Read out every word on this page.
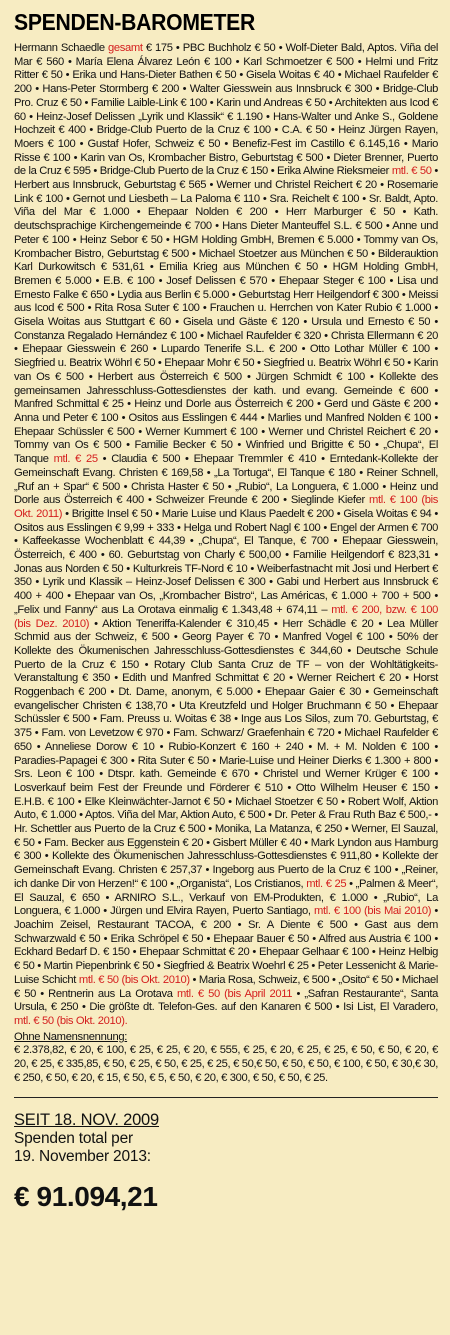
SPENDEN-BAROMETER

Hermann Schaedle gesamt € 175 • PBC Buchholz € 50 • Wolf-Dieter Bald, Aptos. Viña del Mar € 560 • María Elena Álvarez León € 100 • Karl Schmoetzer € 500 • Helmi und Fritz Ritter € 50 • Erika und Hans-Dieter Bathen € 50 • Gisela Woitas € 40 • Michael Raufelder € 200 • Hans-Peter Stormberg € 200 • Walter Giesswein aus Innsbruck € 300 • Bridge-Club Pro. Cruz € 50 • Familie Laible-Link € 100 • Karin und Andreas € 50 • Architekten aus Icod € 60 • Heinz-Josef Delissen „Lyrik und Klassik“ € 1.190 • Hans-Walter und Anke S., Goldene Hochzeit € 400 • Bridge-Club Puerto de la Cruz € 100 • C.A. € 50 • Heinz Jürgen Rayen, Moers € 100 • Gustaf Hofer, Schweiz € 50 • Benefiz-Fest im Castillo € 6.145,16 • Mario Risse € 100 • Karin van Os, Krombacher Bistro, Geburtstag € 500 • Dieter Brenner, Puerto de la Cruz € 595 • Bridge-Club Puerto de la Cruz € 150 • Erika Alwine Rieksmeier mtl. € 50 • Herbert aus Innsbruck, Geburtstag € 565 • Werner und Christel Reichert € 20 • Rosemarie Link € 100 • Gernot und Liesbeth – La Paloma € 110 • Sra. Reichelt € 100 • Sr. Baldt, Apto. Viña del Mar € 1.000 • Ehepaar Nolden € 200 • Herr Marburger € 50 • Kath. deutschsprachige Kirchengemeinde € 700 • Hans Dieter Manteuffel S.L. € 500 • Anne und Peter € 100 • Heinz Sebor € 50 • HGM Holding GmbH, Bremen € 5.000 • Tommy van Os, Krombacher Bistro, Geburtstag € 500 • Michael Stoetzer aus München € 50 • Bilderauktion Karl Durkowitsch € 531,61 • Emilia Krieg aus München € 50 • HGM Holding GmbH, Bremen € 5.000 • E.B. € 100 • Josef Delissen € 570 • Ehepaar Steger € 100 • Lisa und Ernesto Falke € 650 • Lydia aus Berlin € 5.000 • Geburtstag Herr Heilgendorf € 300 • Meissi aus Icod € 500 • Rita Rosa Suter € 100 • Frauchen u. Herrchen von Kater Rubio € 1.000 • Gisela Woitas aus Stuttgart € 60 • Gisela und Gäste € 120 • Ursula und Ernesto € 50 • Constanza Regalado Hernández € 100 • Michael Raufelder € 320 • Christa Ellermann € 20 • Ehepaar Giesswein € 260 • Lupardo Tenerife S.L. € 200 • Otto Lothar Müller € 100 • Siegfried u. Beatrix Wöhrl € 50 • Ehepaar Mohr € 50 • Siegfried u. Beatrix Wöhrl € 50 • Karin van Os € 500 • Herbert aus Österreich € 500 • Jürgen Schmidt € 100 • Kollekte des gemeinsamen Jahresschluss-Gottesdienstes der kath. und evang. Gemeinde € 600 • Manfred Schmittal € 25 • Heinz und Dorle aus Österreich € 200 • Gerd und Gäste € 200 • Anna und Peter € 100 • Ositos aus Esslingen € 444 • Marlies und Manfred Nolden € 100 • Ehepaar Schüssler € 500 • Werner Kummert € 100 • Werner und Christel Reichert € 20 • Tommy van Os € 500 • Familie Becker € 50 • Winfried und Brigitte € 50 • „Chupa“, El Tanque mtl. € 25 • Claudia € 500 • Ehepaar Tremmler € 410 • Erntedank-Kollekte der Gemeinschaft Evang. Christen € 169,58 • „La Tortuga“, El Tanque € 180 • Reiner Schnell, „Ruf an + Spar“ € 500 • Christa Haster € 50 • „Rubio“, La Longuera, € 1.000 • Heinz und Dorle aus Österreich € 400 • Schweizer Freunde € 200 • Sieglinde Kiefer mtl. € 100 (bis Okt. 2011) • Brigitte Insel € 50 • Marie Luise und Klaus Paedelt € 200 • Gisela Woitas € 94 • Ositos aus Esslingen € 9,99 + 333 • Helga und Robert Nagl € 100 • Engel der Armen € 700 • Kaffeekasse Wochenblatt € 44,39 • „Chupa“, El Tanque, € 700 • Ehepaar Giesswein, Österreich, € 400 • 60. Geburtstag von Charly € 500,00 • Familie Heilgendorf € 823,31 • Jonas aus Norden € 50 • Kulturkreis TF-Nord € 10 • Weiberfastnacht mit Josi und Herbert € 350 • Lyrik und Klassik – Heinz-Josef Delissen € 300 • Gabi und Herbert aus Innsbruck € 400 + 400 • Ehepaar van Os, „Krombacher Bistro“, Las Américas, € 1.000 + 700 + 500 • „Felix und Fanny“ aus La Orotava einmalig € 1.343,48 + 674,11 – mtl. € 200, bzw. € 100 (bis Dez. 2010) • Aktion Teneriffa-Kalender € 310,45 • Herr Schädle € 20 • Lea Müller Schmid aus der Schweiz, € 500 • Georg Payer € 70 • Manfred Vogel € 100 • 50% der Kollekte des Ökumenischen Jahresschluss-Gottesdienstes € 344,60 • Deutsche Schule Puerto de la Cruz € 150 • Rotary Club Santa Cruz de TF – von der Wohltätigkeits-Veranstaltung € 350 • Edith und Manfred Schmittat € 20 • Werner Reichert € 20 • Horst Roggenbach € 200 • Dt. Dame, anonym, € 5.000 • Ehepaar Gaier € 30 • Gemeinschaft evangelischer Christen € 138,70 • Uta Kreutzfeld und Holger Bruchmann € 50 • Ehepaar Schüssler € 500 • Fam. Preuss u. Woitas € 38 • Inge aus Los Silos, zum 70. Geburtstag, € 375 • Fam. von Levetzow € 970 • Fam. Schwarz/ Graefenhain € 720 • Michael Raufelder € 650 • Anneliese Dorow € 10 • Rubio-Konzert € 160 + 240 • M. + M. Nolden € 100 • Paradies-Papagei € 300 • Rita Suter € 50 • Marie-Luise und Heiner Dierks € 1.300 + 800 • Srs. Leon € 100 • Dtspr. kath. Gemeinde € 670 • Christel und Werner Krüger € 100 • Losverkauf beim Fest der Freunde und Förderer € 510 • Otto Wilhelm Heuser € 150 • E.H.B. € 100 • Elke Kleinwächter-Jarnot € 50 • Michael Stoetzer € 50 • Robert Wolf, Aktion Auto, € 1.000 • Aptos. Viña del Mar, Aktion Auto, € 500 • Dr. Peter & Frau Ruth Baz € 500,- • Hr. Schettler aus Puerto de la Cruz € 500 • Monika, La Matanza, € 250 • Werner, El Sauzal, € 50 • Fam. Becker aus Eggenstein € 20 • Gisbert Müller € 40 • Mark Lyndon aus Hamburg € 300 • Kollekte des Ökumenischen Jahresschluss-Gottesdienstes € 911,80 • Kollekte der Gemeinschaft Evang. Christen € 257,37 • Ingeborg aus Puerto de la Cruz € 100 • „Reiner, ich danke Dir von Herzen!“ € 100 • „Organista“, Los Cristianos, mtl. € 25 • „Palmen & Meer“, El Sauzal, € 650 • ARNIRO S.L., Verkauf von EM-Produkten, € 1.000 • „Rubio“, La Longuera, € 1.000 • Jürgen und Elvira Rayen, Puerto Santiago, mtl. € 100 (bis Mai 2010) • Joachim Zeisel, Restaurant TACOA, € 200 • Sr. A Diente € 500 • Gast aus dem Schwarzwald € 50 • Erika Schröpel € 50 • Ehepaar Bauer € 50 • Alfred aus Austria € 100 • Eckhard Bedarf D. € 150 • Ehepaar Schmittat € 20 • Ehepaar Gelhaar € 100 • Heinz Helbig € 50 • Martin Piepenbrink € 50 • Siegfried & Beatrix Woehrl € 25 • Peter Lessenicht & Marie-Luise Schicht mtl. € 50 (bis Okt. 2010) • Maria Rosa, Schweiz, € 500 • „Osito“ € 50 • Michael € 50 • Rentnerin aus La Orotava mtl. € 50 (bis April 2011 • „Safran Restaurante“, Santa Ursula, € 250 • Die größte dt. Telefon-Ges. auf den Kanaren € 500 • Isi List, El Varadero, mtl. € 50 (bis Okt. 2010).

Ohne Namensnennung:

€ 2.378,82, € 20, € 100, € 25, € 25, € 20, € 555, € 25, € 20, € 25, € 25, € 50, € 50, € 20, € 20, € 25, € 335,85, € 50, € 25, € 50, € 25, € 25, € 50,€ 50, € 50, € 50, € 100, € 50, € 30,€ 30, € 250, € 50, € 20, € 15, € 50, € 5, € 50, € 20, € 300, € 50, € 50, € 25.

SEIT 18. NOV. 2009

Spenden total per

19. November 2013:

€ 91.094,21
